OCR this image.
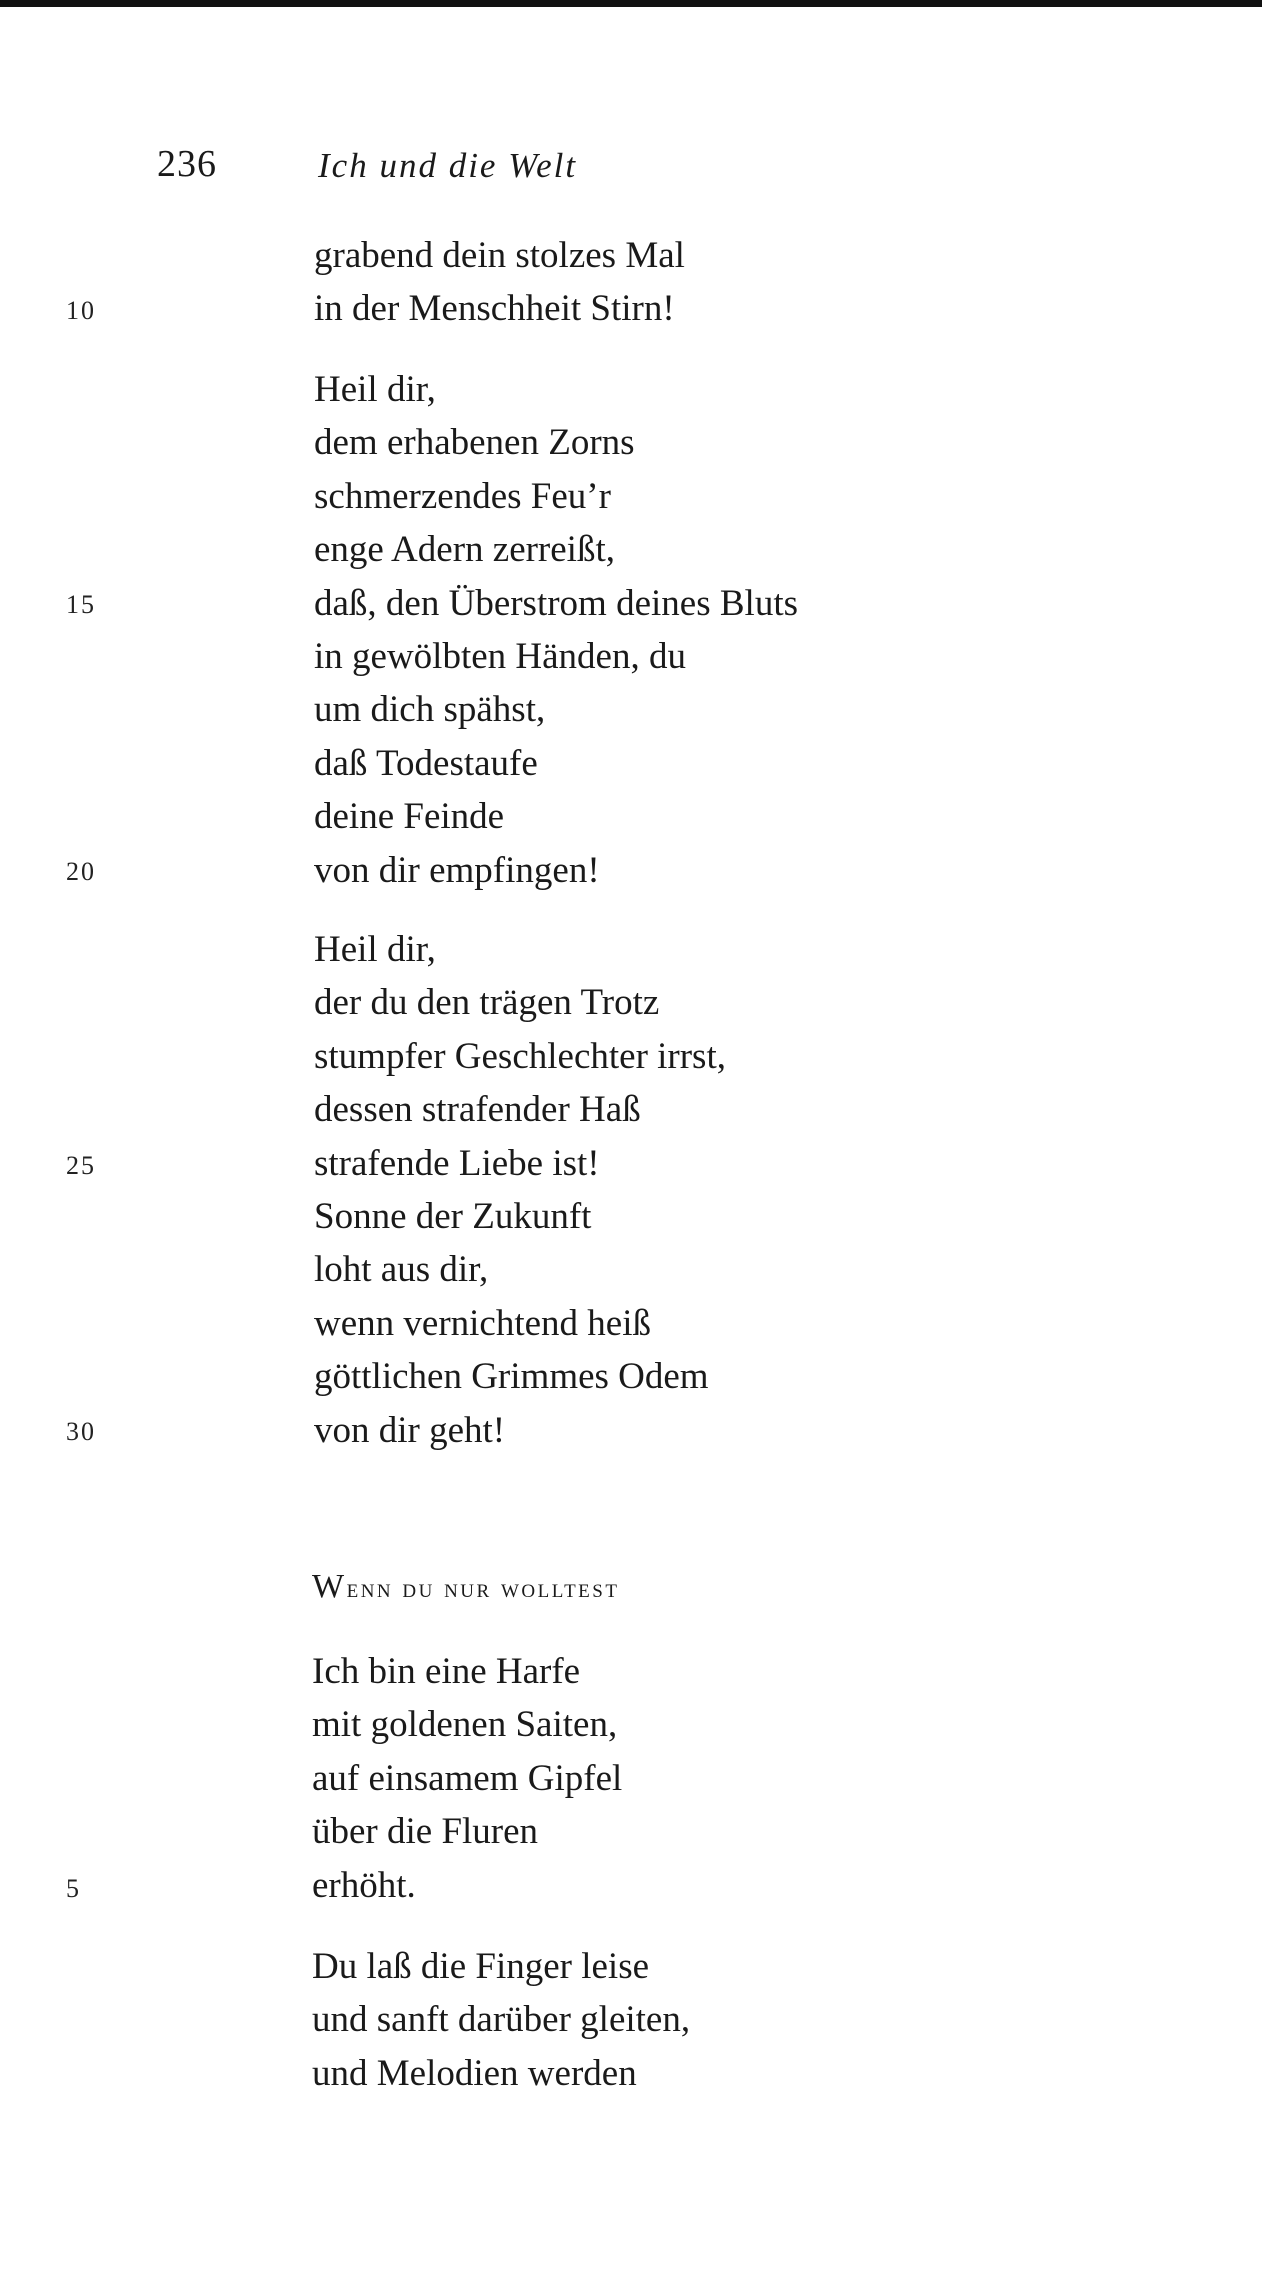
236	Ich und die Welt
10
15
20
25
30
5
grabend dein stolzes Mal
in der Menschheit Stirn!
Heil dir,
dem erhabenen Zorns
schmerzendes Feu’r
enge Adern zerreißt,
daß, den Überstrom deines Bluts
in gewölbten Händen, du
um dich spähst,
daß Todestaufe
deine Feinde
von dir empfingen!
Heil dir,
der du den trägen Trotz
stumpfer Geschlechter irrst,
dessen strafender Haß
strafende Liebe ist!
Sonne der Zukunft
loht aus dir,
wenn vernichtend heiß
göttlichen Grimmes Odem
von dir geht!
Wenn du nur wolltest
Ich bin eine Harfe
mit goldenen Saiten,
auf einsamem Gipfel
über die Fluren
erhöht.
Du laß die Finger leise
und sanft darüber gleiten,
und Melodien werden
